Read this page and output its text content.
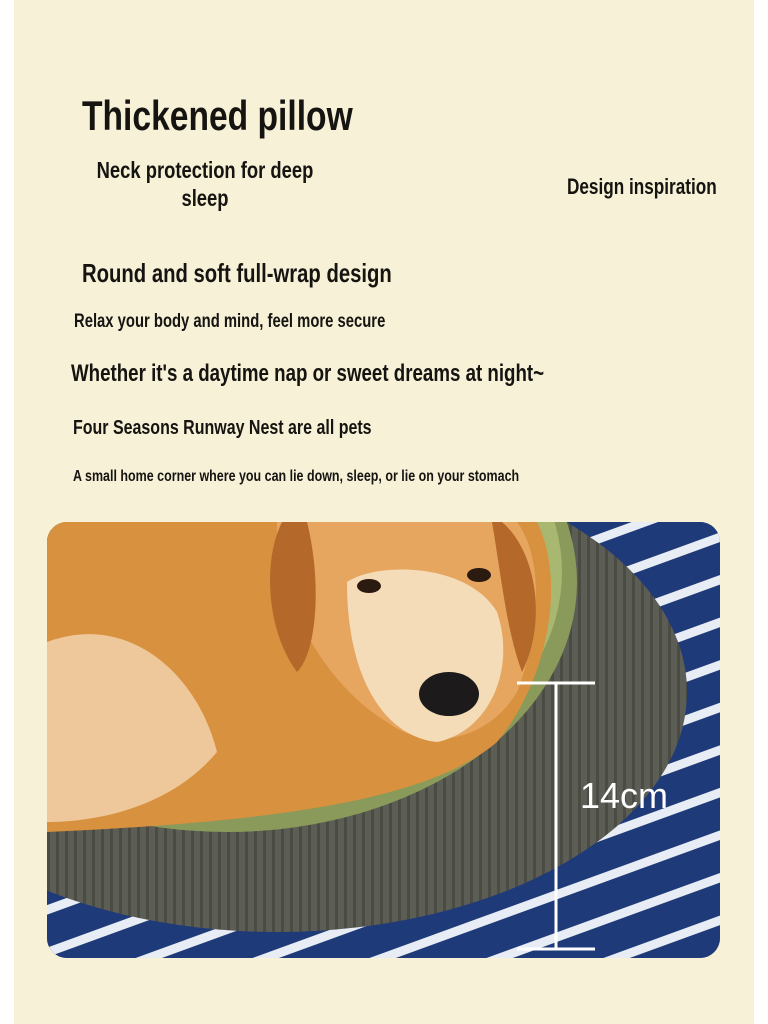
Thickened pillow
Neck protection for deep
sleep	Design inspiration
Round and soft full-wrap design
Relax your body and mind, feel more secure
Whether it's a daytime nap or sweet dreams at night~
Four Seasons Runway Nest are all pets
A small home corner where you can lie down, sleep, or lie on your stomach
14cm
